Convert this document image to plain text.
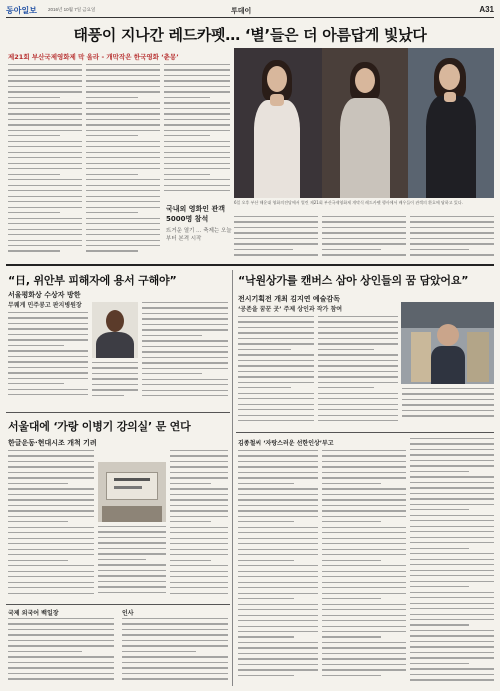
동아일보 2016년 10월 7일 금요일	투데이	A31
태풍이 지나간 레드카펫… ‘별’들은 더 아름답게 빛났다
제21회 부산국제영화제 막 올라 - 개막작은 한국영화 ‘춘몽’
국내외 영화인 관객 5000명 참석
뜨거운 열기 … 축제는 오늘부터 본격 시작
6일 오후 부산 해운대 영화의전당에서 열린 제21회 부산국제영화제 개막식 레드카펫 행사에서 배우들이 관객의 환호에 답하고 있다.
“日, 위안부 피해자에 용서 구해야”
서울평화상 수상자 방한
무퀘게 민주콩고 판지병원장
서울대에 ‘가랑 이병기 강의실’ 문 연다
한글운동·현대시조 개척 기려
국제 외국어 백일장	인사
“낙원상가를 캔버스 삼아 상인들의 꿈 담았어요”
전시기획전 개최 김지연 예술감독
‘공존을 꿈꾼 곳’ 주제 상인과 작가 참여
김종철씨 ‘자랑스러운 선한인상’ 부고
